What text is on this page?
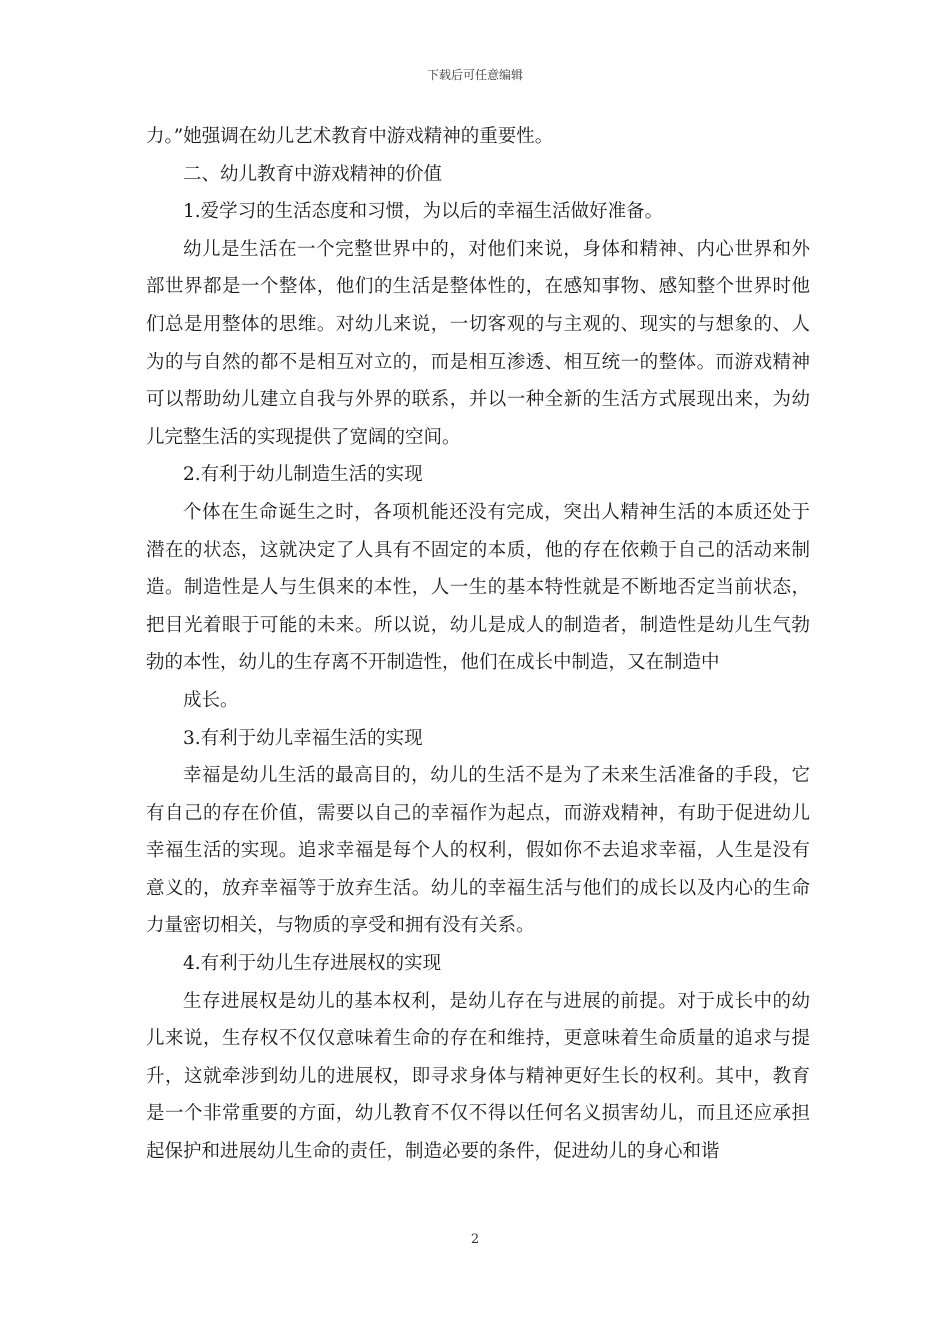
下载后可任意编辑

力。”她强调在幼儿艺术教育中游戏精神的重要性。

二、幼儿教育中游戏精神的价值

1.爱学习的生活态度和习惯，为以后的幸福生活做好准备。

幼儿是生活在一个完整世界中的，对他们来说，身体和精神、内心世界和外部世界都是一个整体，他们的生活是整体性的，在感知事物、感知整个世界时他们总是用整体的思维。对幼儿来说，一切客观的与主观的、现实的与想象的、人为的与自然的都不是相互对立的，而是相互渗透、相互统一的整体。而游戏精神可以帮助幼儿建立自我与外界的联系，并以一种全新的生活方式展现出来，为幼儿完整生活的实现提供了宽阔的空间。

2.有利于幼儿制造生活的实现

个体在生命诞生之时，各项机能还没有完成，突出人精神生活的本质还处于潜在的状态，这就决定了人具有不固定的本质，他的存在依赖于自己的活动来制造。制造性是人与生俱来的本性，人一生的基本特性就是不断地否定当前状态，把目光着眼于可能的未来。所以说，幼儿是成人的制造者，制造性是幼儿生气勃勃的本性，幼儿的生存离不开制造性，他们在成长中制造，又在制造中

成长。

3.有利于幼儿幸福生活的实现

幸福是幼儿生活的最高目的，幼儿的生活不是为了未来生活准备的手段，它有自己的存在价值，需要以自己的幸福作为起点，而游戏精神，有助于促进幼儿幸福生活的实现。追求幸福是每个人的权利，假如你不去追求幸福，人生是没有意义的，放弃幸福等于放弃生活。幼儿的幸福生活与他们的成长以及内心的生命力量密切相关，与物质的享受和拥有没有关系。

4.有利于幼儿生存进展权的实现

生存进展权是幼儿的基本权利，是幼儿存在与进展的前提。对于成长中的幼儿来说，生存权不仅仅意味着生命的存在和维持，更意味着生命质量的追求与提升，这就牵涉到幼儿的进展权，即寻求身体与精神更好生长的权利。其中，教育是一个非常重要的方面，幼儿教育不仅不得以任何名义损害幼儿，而且还应承担起保护和进展幼儿生命的责任，制造必要的条件，促进幼儿的身心和谐

2
